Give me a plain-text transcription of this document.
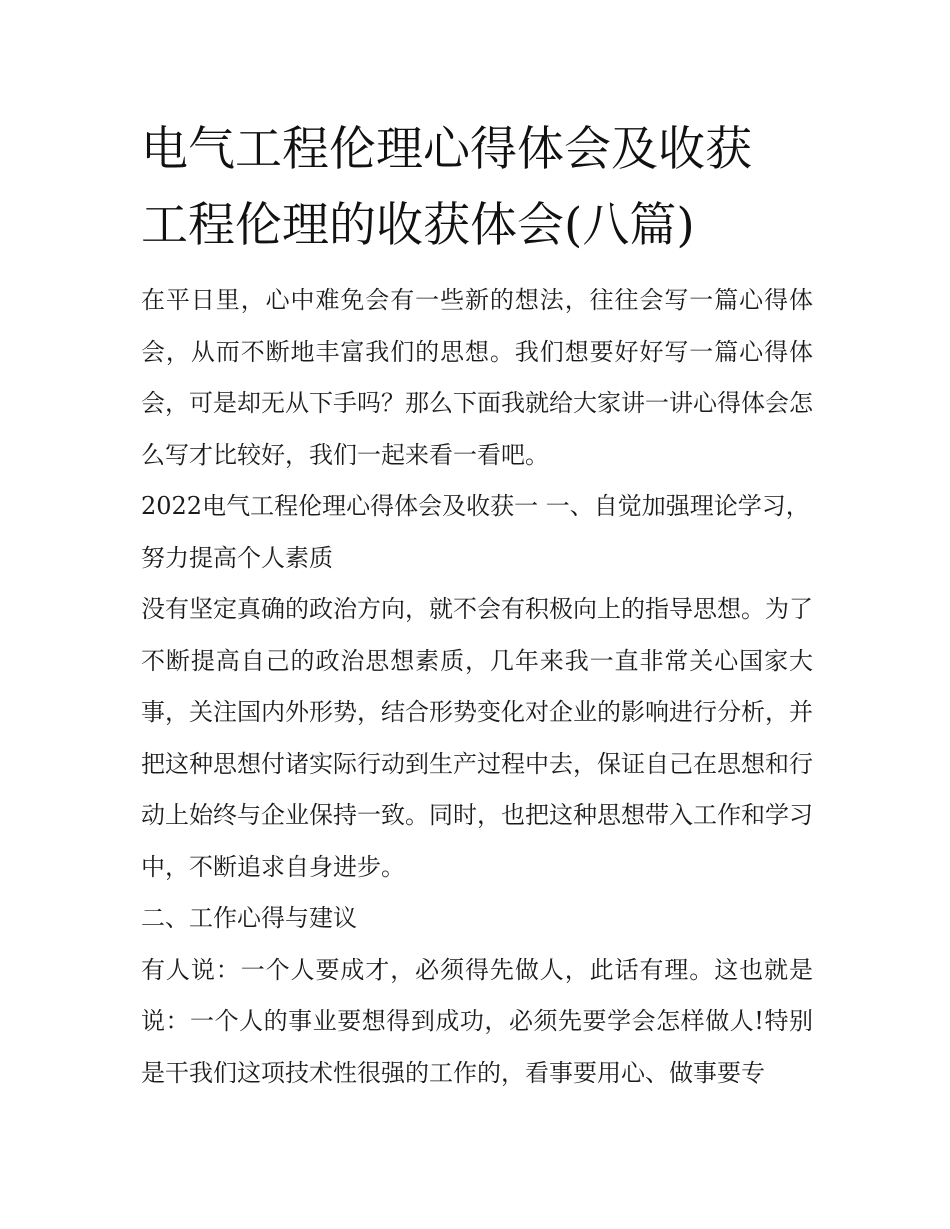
电气工程伦理心得体会及收获
工程伦理的收获体会(八篇)

在平日里，心中难免会有一些新的想法，往往会写一篇心得体会，从而不断地丰富我们的思想。我们想要好好写一篇心得体会，可是却无从下手吗？那么下面我就给大家讲一讲心得体会怎么写才比较好，我们一起来看一看吧。

2022电气工程伦理心得体会及收获一 一、自觉加强理论学习，努力提高个人素质

没有坚定真确的政治方向，就不会有积极向上的指导思想。为了不断提高自己的政治思想素质，几年来我一直非常关心国家大事，关注国内外形势，结合形势变化对企业的影响进行分析，并把这种思想付诸实际行动到生产过程中去，保证自己在思想和行动上始终与企业保持一致。同时，也把这种思想带入工作和学习中，不断追求自身进步。

二、工作心得与建议

有人说：一个人要成才，必须得先做人，此话有理。这也就是说：一个人的事业要想得到成功，必须先要学会怎样做人!特别是干我们这项技术性很强的工作的，看事要用心、做事要专
